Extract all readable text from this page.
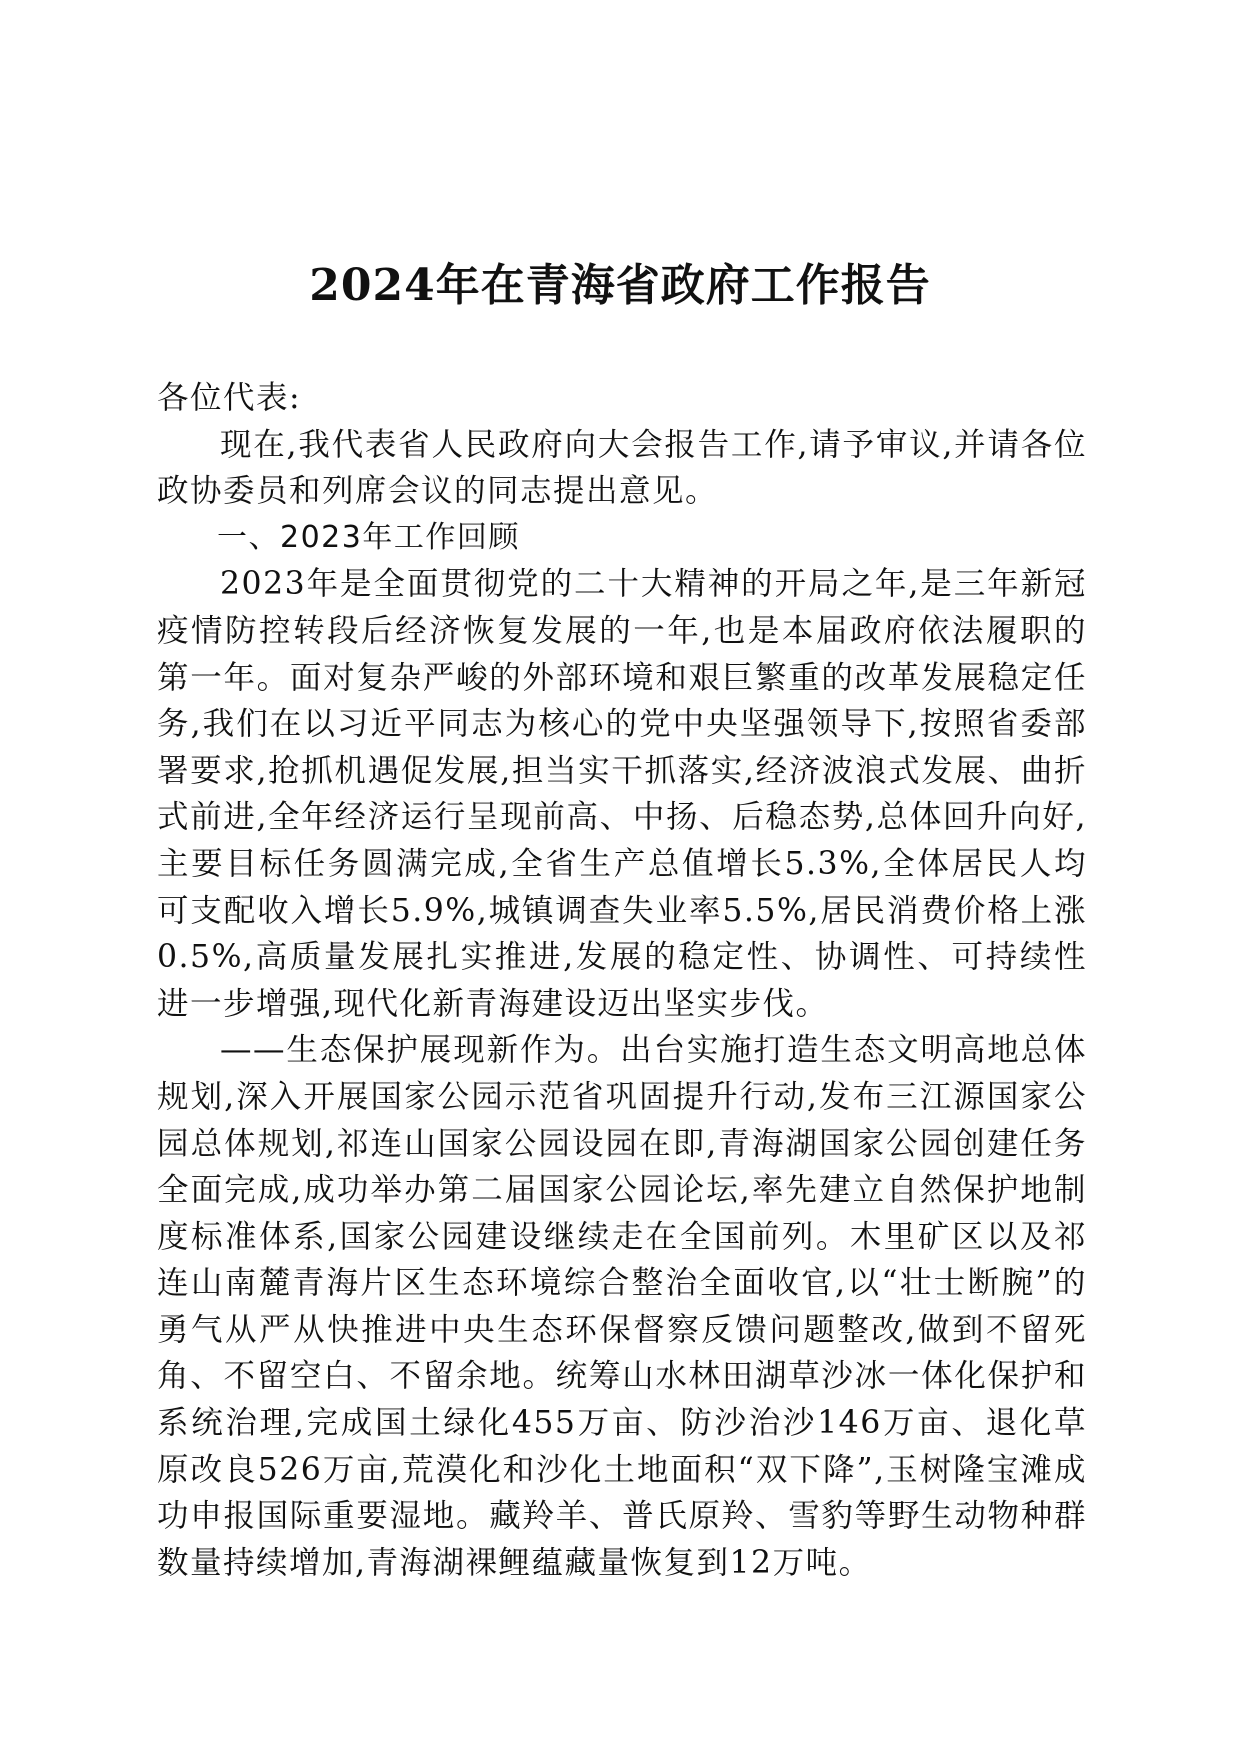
2024年在青海省政府工作报告

各位代表:

现在,我代表省人民政府向大会报告工作,请予审议,并请各位政协委员和列席会议的同志提出意见。

一、2023年工作回顾

2023年是全面贯彻党的二十大精神的开局之年,是三年新冠疫情防控转段后经济恢复发展的一年,也是本届政府依法履职的第一年。面对复杂严峻的外部环境和艰巨繁重的改革发展稳定任务,我们在以习近平同志为核心的党中央坚强领导下,按照省委部署要求,抢抓机遇促发展,担当实干抓落实,经济波浪式发展、曲折式前进,全年经济运行呈现前高、中扬、后稳态势,总体回升向好,主要目标任务圆满完成,全省生产总值增长5.3%,全体居民人均可支配收入增长5.9%,城镇调查失业率5.5%,居民消费价格上涨0.5%,高质量发展扎实推进,发展的稳定性、协调性、可持续性进一步增强,现代化新青海建设迈出坚实步伐。

——生态保护展现新作为。出台实施打造生态文明高地总体规划,深入开展国家公园示范省巩固提升行动,发布三江源国家公园总体规划,祁连山国家公园设园在即,青海湖国家公园创建任务全面完成,成功举办第二届国家公园论坛,率先建立自然保护地制度标准体系,国家公园建设继续走在全国前列。木里矿区以及祁连山南麓青海片区生态环境综合整治全面收官,以“壮士断腕”的勇气从严从快推进中央生态环保督察反馈问题整改,做到不留死角、不留空白、不留余地。统筹山水林田湖草沙冰一体化保护和系统治理,完成国土绿化455万亩、防沙治沙146万亩、退化草原改良526万亩,荒漠化和沙化土地面积“双下降”,玉树隆宝滩成功申报国际重要湿地。藏羚羊、普氏原羚、雪豹等野生动物种群数量持续增加,青海湖裸鲤蕴藏量恢复到12万吨。
